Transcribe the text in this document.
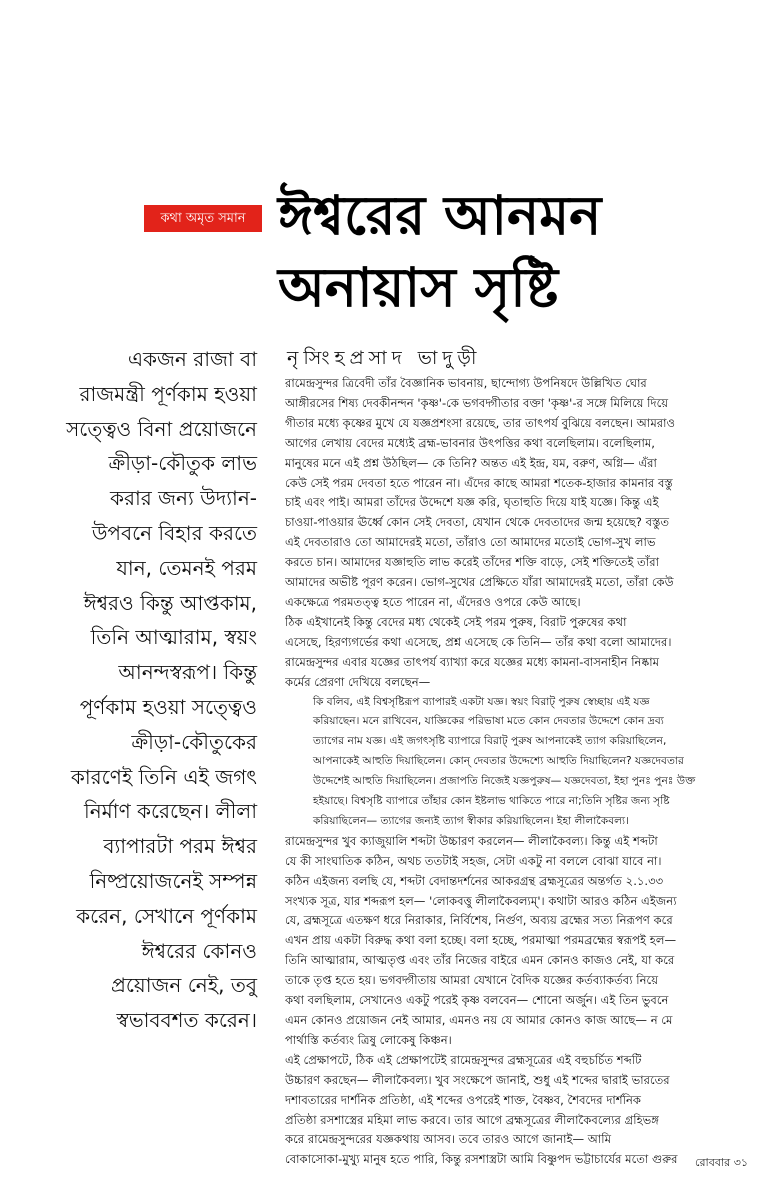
কথা অমৃত সমান ঈশ্বরের আনমন
অনায়াস সৃষ্টি

নৃসিংহপ্রসাদ ভাদুড়ী

একজন রাজা বা
রাজমন্ত্রী পূর্ণকাম হওয়া
সত্ত্বেও বিনা প্রয়োজনে
ক্রীড়া-কৌতুক লাভ
করার জন্য উদ্যান-
উপবনে বিহার করতে
যান, তেমনই পরম
ঈশ্বরও কিন্তু আপ্তকাম,
তিনি আত্মারাম, স্বয়ং
আনন্দস্বরূপ। কিন্তু
পূর্ণকাম হওয়া সত্ত্বেও
ক্রীড়া-কৌতুকের
কারণেই তিনি এই জগৎ
নির্মাণ করেছেন। লীলা
ব্যাপারটা পরম ঈশ্বর
নিষ্প্রয়োজনেই সম্পন্ন
করেন, সেখানে পূর্ণকাম
ঈশ্বরের কোনও
প্রয়োজন নেই, তবু
স্বভাববশত করেন।

রামেন্দ্রসুন্দর ত্রিবেদী তাঁর বৈজ্ঞানিক ভাবনায়, ছান্দোগ্য উপনিষদে উল্লিখিত ঘোর
আঙ্গীরসের শিষ্য দেবকীনন্দন 'কৃষ্ণ'-কে ভগবদ্গীতার বক্তা 'কৃষ্ণ'-র সঙ্গে মিলিয়ে দিয়ে
গীতার মধ্যে কৃষ্ণের মুখে যে যজ্ঞপ্রশংসা রয়েছে, তার তাৎপর্য বুঝিয়ে বলছেন। আমরাও
আগের লেখায় বেদের মধ্যেই ব্রহ্ম-ভাবনার উৎপত্তির কথা বলেছিলাম। বলেছিলাম,
মানুষের মনে এই প্রশ্ন উঠছিল— কে তিনি? অন্তত এই ইন্দ্র, যম, বরুণ, অগ্নি— এঁরা
কেউ সেই পরম দেবতা হতে পারেন না। এঁদের কাছে আমরা শতেক-হাজার কামনার বস্তু
চাই এবং পাই। আমরা তাঁদের উদ্দেশে যজ্ঞ করি, ঘৃতাহুতি দিয়ে যাই যজ্ঞে। কিন্তু এই
চাওয়া-পাওয়ার ঊর্ধ্বে কোন সেই দেবতা, যেখান থেকে দেবতাদের জন্ম হয়েছে? বস্তুত
এই দেবতারাও তো আমাদেরই মতো, তাঁরাও তো আমাদের মতোই ভোগ-সুখ লাভ
করতে চান। আমাদের যজ্ঞাহুতি লাভ করেই তাঁদের শক্তি বাড়ে, সেই শক্তিতেই তাঁরা
আমাদের অভীষ্ট পূরণ করেন। ভোগ-সুখের প্রেক্ষিতে যাঁরা আমাদেরই মতো, তাঁরা কেউ
একক্ষেত্রে পরমতত্ত্ব হতে পারেন না, এঁদেরও ওপরে কেউ আছে।
ঠিক এইখানেই কিন্তু বেদের মধ্য থেকেই সেই পরম পুরুষ, বিরাট পুরুষের কথা
এসেছে, হিরণ্যগর্ভের কথা এসেছে, প্রশ্ন এসেছে কে তিনি— তাঁর কথা বলো আমাদের।
রামেন্দ্রসুন্দর এবার যজ্ঞের তাৎপর্য ব্যাখ্যা করে যজ্ঞের মধ্যে কামনা-বাসনাহীন নিষ্কাম
কর্মের প্রেরণা দেখিয়ে বলছেন—
কি বলিব, এই বিশ্বসৃষ্টিরূপ ব্যাপারই একটা যজ্ঞ। স্বয়ং বিরাট্‌ পুরুষ স্বেচ্ছায় এই যজ্ঞ
করিয়াছেন। মনে রাখিবেন, যাজ্ঞিকের পরিভাষা মতে কোন দেবতার উদ্দেশে কোন দ্রব্য
ত্যাগের নাম যজ্ঞ। এই জগৎসৃষ্টি ব্যাপারে বিরাট্‌ পুরুষ আপনাকেই ত্যাগ করিয়াছিলেন,
আপনাকেই আহুতি দিয়াছিলেন। কোন্‌ দেবতার উদ্দেশ্যে আহুতি দিয়াছিলেন? যজ্ঞদেবতার
উদ্দেশেই আহুতি দিয়াছিলেন। প্রজাপতি নিজেই যজ্ঞপুরুষ— যজ্ঞদেবতা, ইহা পুনঃ পুনঃ উক্ত
হইয়াছে। বিশ্বসৃষ্টি ব্যাপারে তাঁহার কোন ইষ্টলাভ থাকিতে পারে না;তিনি সৃষ্টির জন্য সৃষ্টি
করিয়াছিলেন— ত্যাগের জন্যই ত্যাগ স্বীকার করিয়াছিলেন। ইহা লীলাকৈবল্য।
রামেন্দ্রসুন্দর খুব ক্যাজুয়ালি শব্দটা উচ্চারণ করলেন— লীলাকৈবল্য। কিন্তু এই শব্দটা
যে কী সাংঘাতিক কঠিন, অথচ ততটাই সহজ, সেটা একটু না বললে বোঝা যাবে না।
কঠিন এইজন্য বলছি যে, শব্দটা বেদান্তদর্শনের আকরগ্রন্থ ব্রহ্মসূত্রের অন্তর্গত ২.১.৩৩
সংখ্যক সূত্র, যার শব্দরূপ হল— 'লোকবত্তু লীলাকৈবল্যম্‌'। কথাটা আরও কঠিন এইজন্য
যে, ব্রহ্মসূত্রে এতক্ষণ ধরে নিরাকার, নির্বিশেষ, নির্গুণ, অব্যয় ব্রহ্মের সত্য নিরূপণ করে
এখন প্রায় একটা বিরুদ্ধ কথা বলা হচ্ছে। বলা হচ্ছে, পরমাত্মা পরমব্রহ্মের স্বরূপই হল—
তিনি আত্মারাম, আত্মতৃপ্ত এবং তাঁর নিজের বাইরে এমন কোনও কাজও নেই, যা করে
তাকে তৃপ্ত হতে হয়। ভগবদ্গীতায় আমরা যেখানে বৈদিক যজ্ঞের কর্তব্যাকর্তব্য নিয়ে
কথা বলছিলাম, সেখানেও একটু পরেই কৃষ্ণ বলবেন— শোনো অর্জুন। এই তিন ভুবনে
এমন কোনও প্রয়োজন নেই আমার, এমনও নয় যে আমার কোনও কাজ আছে— ন মে
পার্থাস্তি কর্তব্যং ত্রিষু লোকেষু কিঞ্চন।
এই প্রেক্ষাপটে, ঠিক এই প্রেক্ষাপটেই রামেন্দ্রসুন্দর ব্রহ্মসূত্রের এই বহুচর্চিত শব্দটি
উচ্চারণ করছেন— লীলাকৈবল্য। খুব সংক্ষেপে জানাই, শুধু এই শব্দের দ্বারাই ভারতের
দশাবতারের দার্শনিক প্রতিষ্ঠা, এই শব্দের ওপরেই শাক্ত, বৈষ্ণব, শৈবদের দার্শনিক
প্রতিষ্ঠা রসশাস্ত্রের মহিমা লাভ করবে। তার আগে ব্রহ্মসূত্রের লীলাকৈবল্যের গ্রহিভঙ্গ
করে রামেন্দ্রসুন্দরের যজ্ঞকথায় আসব। তবে তারও আগে জানাই— আমি
বোকাসোকা-মুখ্যু মানুষ হতে পারি, কিন্তু রসশাস্ত্রটা আমি বিষ্ণুপদ ভট্টাচার্যের মতো গুরুর	রোববার ৩১
